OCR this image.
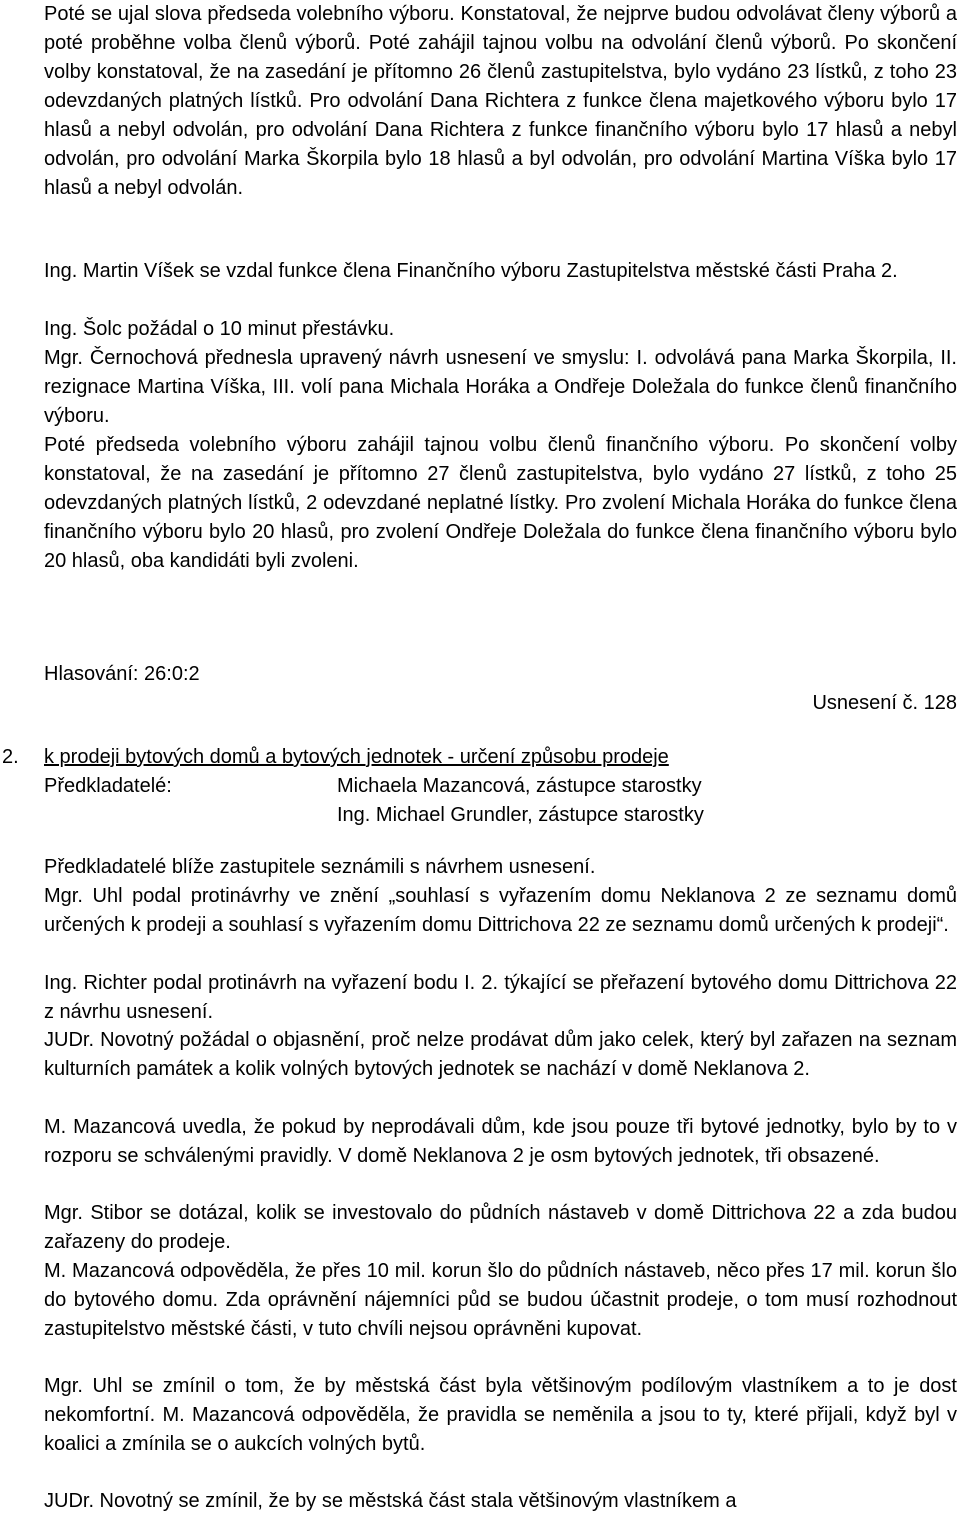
Poté se ujal slova předseda volebního výboru. Konstatoval, že nejprve budou odvolávat členy výborů a poté proběhne volba členů výborů. Poté zahájil tajnou volbu na odvolání členů výborů. Po skončení volby konstatoval, že na zasedání je přítomno 26 členů zastupitelstva, bylo vydáno 23 lístků, z toho 23 odevzdaných platných lístků. Pro odvolání Dana Richtera z funkce člena majetkového výboru bylo 17 hlasů a nebyl odvolán, pro odvolání Dana Richtera z funkce finančního výboru bylo 17 hlasů a nebyl odvolán, pro odvolání Marka Škorpila bylo 18 hlasů a byl odvolán, pro odvolání Martina Víška bylo 17 hlasů a nebyl odvolán.

Ing. Martin Víšek se vzdal funkce člena Finančního výboru Zastupitelstva městské části Praha 2.

Ing. Šolc požádal o 10 minut přestávku.

Mgr. Černochová přednesla upravený návrh usnesení ve smyslu: I. odvolává pana Marka Škorpila, II. rezignace Martina Víška, III. volí pana Michala Horáka a Ondřeje Doležala do funkce členů finančního výboru.

Poté předseda volebního výboru zahájil tajnou volbu členů finančního výboru. Po skončení volby konstatoval, že na zasedání je přítomno 27 členů zastupitelstva, bylo vydáno 27 lístků, z toho 25 odevzdaných platných lístků, 2 odevzdané neplatné lístky. Pro zvolení Michala Horáka do funkce člena finančního výboru bylo 20 hlasů, pro zvolení Ondřeje Doležala do funkce člena finančního výboru bylo 20 hlasů, oba kandidáti byli zvoleni.

Hlasování: 26:0:2
Usnesení č. 128
2. k prodeji bytových domů a bytových jednotek - určení způsobu prodeje
Předkladatelé:	Michaela Mazancová, zástupce starostky
Ing. Michael Grundler, zástupce starostky

Předkladatelé blíže zastupitele seznámili s návrhem usnesení.

Mgr. Uhl podal protinávrhy ve znění „souhlasí s vyřazením domu Neklanova 2 ze seznamu domů určených k prodeji a souhlasí s vyřazením domu Dittrichova 22 ze seznamu domů určených k prodeji“.

Ing. Richter podal protinávrh na vyřazení bodu I. 2. týkající se přeřazení bytového domu Dittrichova 22 z návrhu usnesení.

JUDr. Novotný požádal o objasnění, proč nelze prodávat dům jako celek, který byl zařazen na seznam kulturních památek a kolik volných bytových jednotek se nachází v domě Neklanova 2.

M. Mazancová uvedla, že pokud by neprodávali dům, kde jsou pouze tři bytové jednotky, bylo by to v rozporu se schválenými pravidly. V domě Neklanova 2 je osm bytových jednotek, tři obsazené.

Mgr. Stibor se dotázal, kolik se investovalo do půdních nástaveb v domě Dittrichova 22 a zda budou zařazeny do prodeje.

M. Mazancová odpověděla, že přes 10 mil. korun šlo do půdních nástaveb, něco přes 17 mil. korun šlo do bytového domu. Zda oprávnění nájemníci půd se budou účastnit prodeje, o tom musí rozhodnout zastupitelstvo městské části, v tuto chvíli nejsou oprávněni kupovat.

Mgr. Uhl se zmínil o tom, že by městská část byla většinovým podílovým vlastníkem a to je dost nekomfortní. M. Mazancová odpověděla, že pravidla se neměnila a jsou to ty, které přijali, když byl v koalici a zmínila se o aukcích volných bytů.

JUDr. Novotný se zmínil, že by se městská část stala většinovým vlastníkem a
